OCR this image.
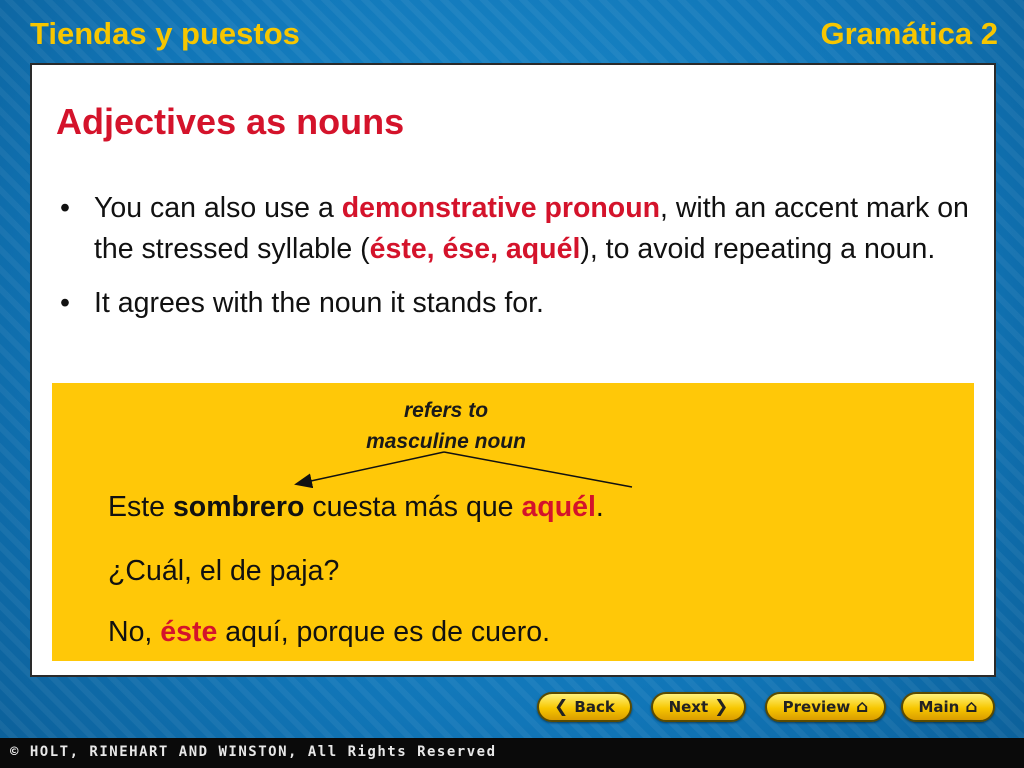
Tiendas y puestos	Gramática 2
Adjectives as nouns
• You can also use a demonstrative pronoun, with an accent mark on the stressed syllable (éste, ése, aquél), to avoid repeating a noun.
• It agrees with the noun it stands for.
refers to
masculine noun
Este sombrero cuesta más que aquél.
¿Cuál, el de paja?
No, éste aquí, porque es de cuero.
❮ Back	Next ❯	Preview ⌂	Main ⌂
© HOLT, RINEHART AND WINSTON, All Rights Reserved
